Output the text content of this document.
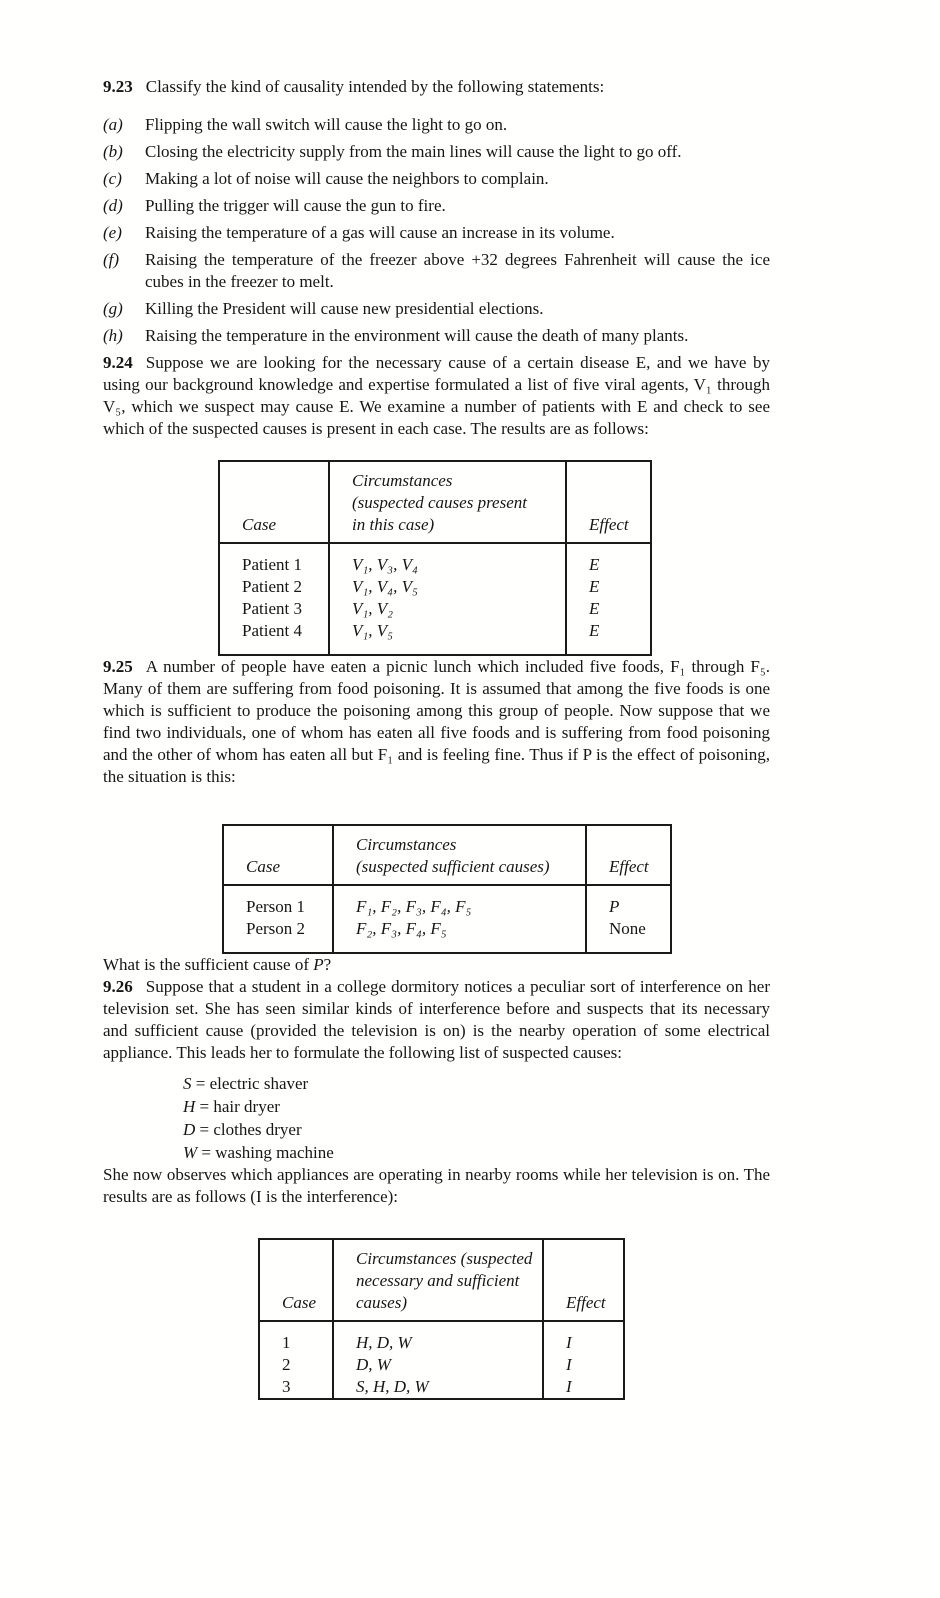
9.23 Classify the kind of causality intended by the following statements:

(a)	Flipping the wall switch will cause the light to go on.
(b)	Closing the electricity supply from the main lines will cause the light to go off.
(c)	Making a lot of noise will cause the neighbors to complain.
(d)	Pulling the trigger will cause the gun to fire.
(e)	Raising the temperature of a gas will cause an increase in its volume.
(f)	Raising the temperature of the freezer above +32 degrees Fahrenheit will cause the ice cubes in the freezer to melt.
(g)	Killing the President will cause new presidential elections.
(h)	Raising the temperature in the environment will cause the death of many plants.

9.24 Suppose we are looking for the necessary cause of a certain disease E, and we have by using our background knowledge and expertise formulated a list of five viral agents, V₁ through V₅, which we suspect may cause E. We examine a number of patients with E and check to see which of the suspected causes is present in each case. The results are as follows:

Case	Circumstances
(suspected causes present
in this case)	Effect
Patient 1	V₁, V₃, V₄	E
Patient 2	V₁, V₄, V₅	E
Patient 3	V₁, V₂	E
Patient 4	V₁, V₅	E

9.25 A number of people have eaten a picnic lunch which included five foods, F₁ through F₅. Many of them are suffering from food poisoning. It is assumed that among the five foods is one which is sufficient to produce the poisoning among this group of people. Now suppose that we find two individuals, one of whom has eaten all five foods and is suffering from food poisoning and the other of whom has eaten all but F₁ and is feeling fine. Thus if P is the effect of poisoning, the situation is this:

Case	Circumstances
(suspected sufficient causes)	Effect
Person 1	F₁, F₂, F₃, F₄, F₅	P
Person 2	F₂, F₃, F₄, F₅	None

What is the sufficient cause of P?

9.26 Suppose that a student in a college dormitory notices a peculiar sort of interference on her television set. She has seen similar kinds of interference before and suspects that its necessary and sufficient cause (provided the television is on) is the nearby operation of some electrical appliance. This leads her to formulate the following list of suspected causes:

S = electric shaver
H = hair dryer
D = clothes dryer
W = washing machine

She now observes which appliances are operating in nearby rooms while her television is on. The results are as follows (I is the interference):

Case	Circumstances (suspected
necessary and sufficient
causes)	Effect
1	H, D, W	I
2	D, W	I
3	S, H, D, W	I
